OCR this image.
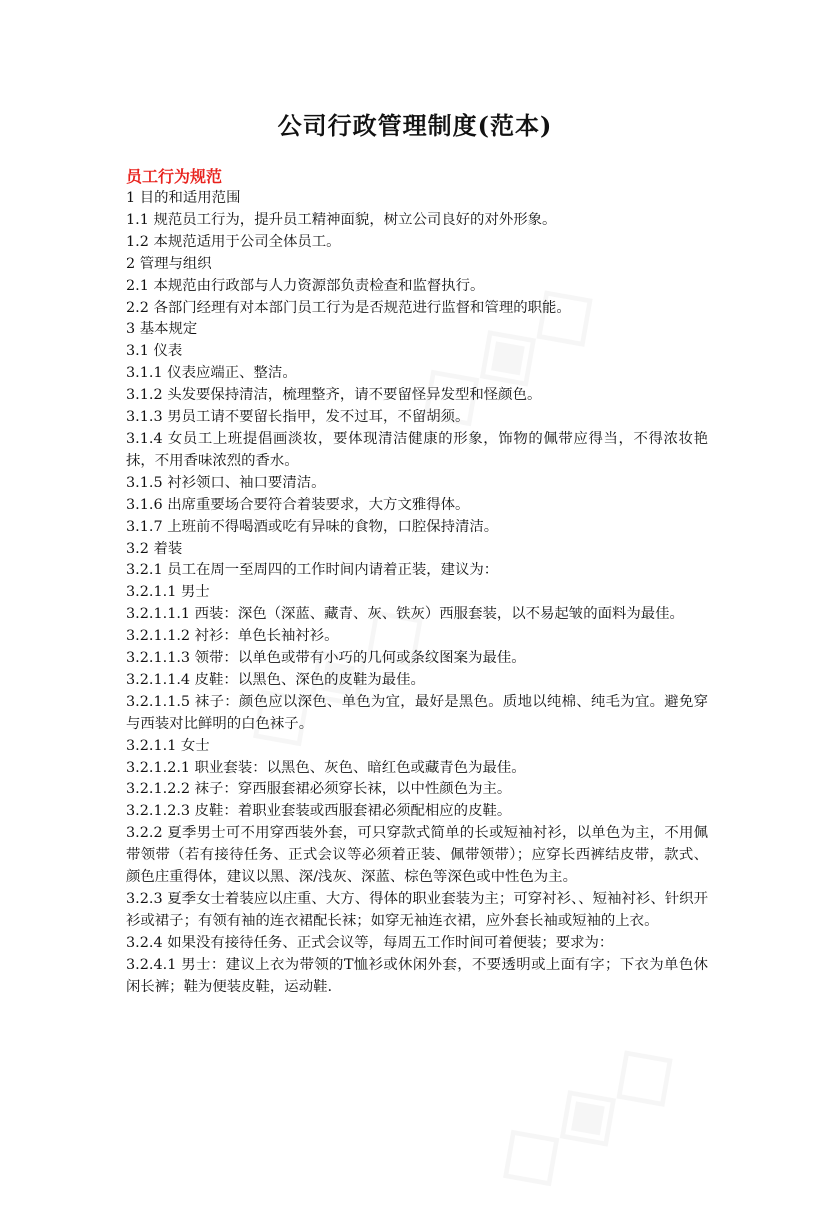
公司行政管理制度(范本)
员工行为规范
1 目的和适用范围
1.1 规范员工行为，提升员工精神面貌，树立公司良好的对外形象。
1.2 本规范适用于公司全体员工。
2 管理与组织
2.1 本规范由行政部与人力资源部负责检查和监督执行。
2.2 各部门经理有对本部门员工行为是否规范进行监督和管理的职能。
3 基本规定
3.1 仪表
3.1.1 仪表应端正、整洁。
3.1.2 头发要保持清洁，梳理整齐，请不要留怪异发型和怪颜色。
3.1.3 男员工请不要留长指甲，发不过耳，不留胡须。
3.1.4 女员工上班提倡画淡妆，要体现清洁健康的形象，饰物的佩带应得当，不得浓妆艳抹，不用香味浓烈的香水。
3.1.5 衬衫领口、袖口要清洁。
3.1.6 出席重要场合要符合着装要求，大方文雅得体。
3.1.7 上班前不得喝酒或吃有异味的食物，口腔保持清洁。
3.2 着装
3.2.1 员工在周一至周四的工作时间内请着正装，建议为：
3.2.1.1 男士
3.2.1.1.1 西装：深色（深蓝、藏青、灰、铁灰）西服套装，以不易起皱的面料为最佳。
3.2.1.1.2 衬衫：单色长袖衬衫。
3.2.1.1.3 领带：以单色或带有小巧的几何或条纹图案为最佳。
3.2.1.1.4 皮鞋：以黑色、深色的皮鞋为最佳。
3.2.1.1.5 袜子：颜色应以深色、单色为宜，最好是黑色。质地以纯棉、纯毛为宜。避免穿与西装对比鲜明的白色袜子。
3.2.1.1 女士
3.2.1.2.1 职业套装：以黑色、灰色、暗红色或藏青色为最佳。
3.2.1.2.2 袜子：穿西服套裙必须穿长袜，以中性颜色为主。
3.2.1.2.3 皮鞋：着职业套装或西服套裙必须配相应的皮鞋。
3.2.2 夏季男士可不用穿西装外套，可只穿款式简单的长或短袖衬衫，以单色为主，不用佩带领带（若有接待任务、正式会议等必须着正装、佩带领带）；应穿长西裤结皮带，款式、颜色庄重得体，建议以黑、深/浅灰、深蓝、棕色等深色或中性色为主。
3.2.3 夏季女士着装应以庄重、大方、得体的职业套装为主；可穿衬衫、、短袖衬衫、针织开衫或裙子；有领有袖的连衣裙配长袜；如穿无袖连衣裙，应外套长袖或短袖的上衣。
3.2.4 如果没有接待任务、正式会议等，每周五工作时间可着便装；要求为：
3.2.4.1 男士：建议上衣为带领的T恤衫或休闲外套，不要透明或上面有字；下衣为单色休闲长裤；鞋为便装皮鞋，运动鞋.
